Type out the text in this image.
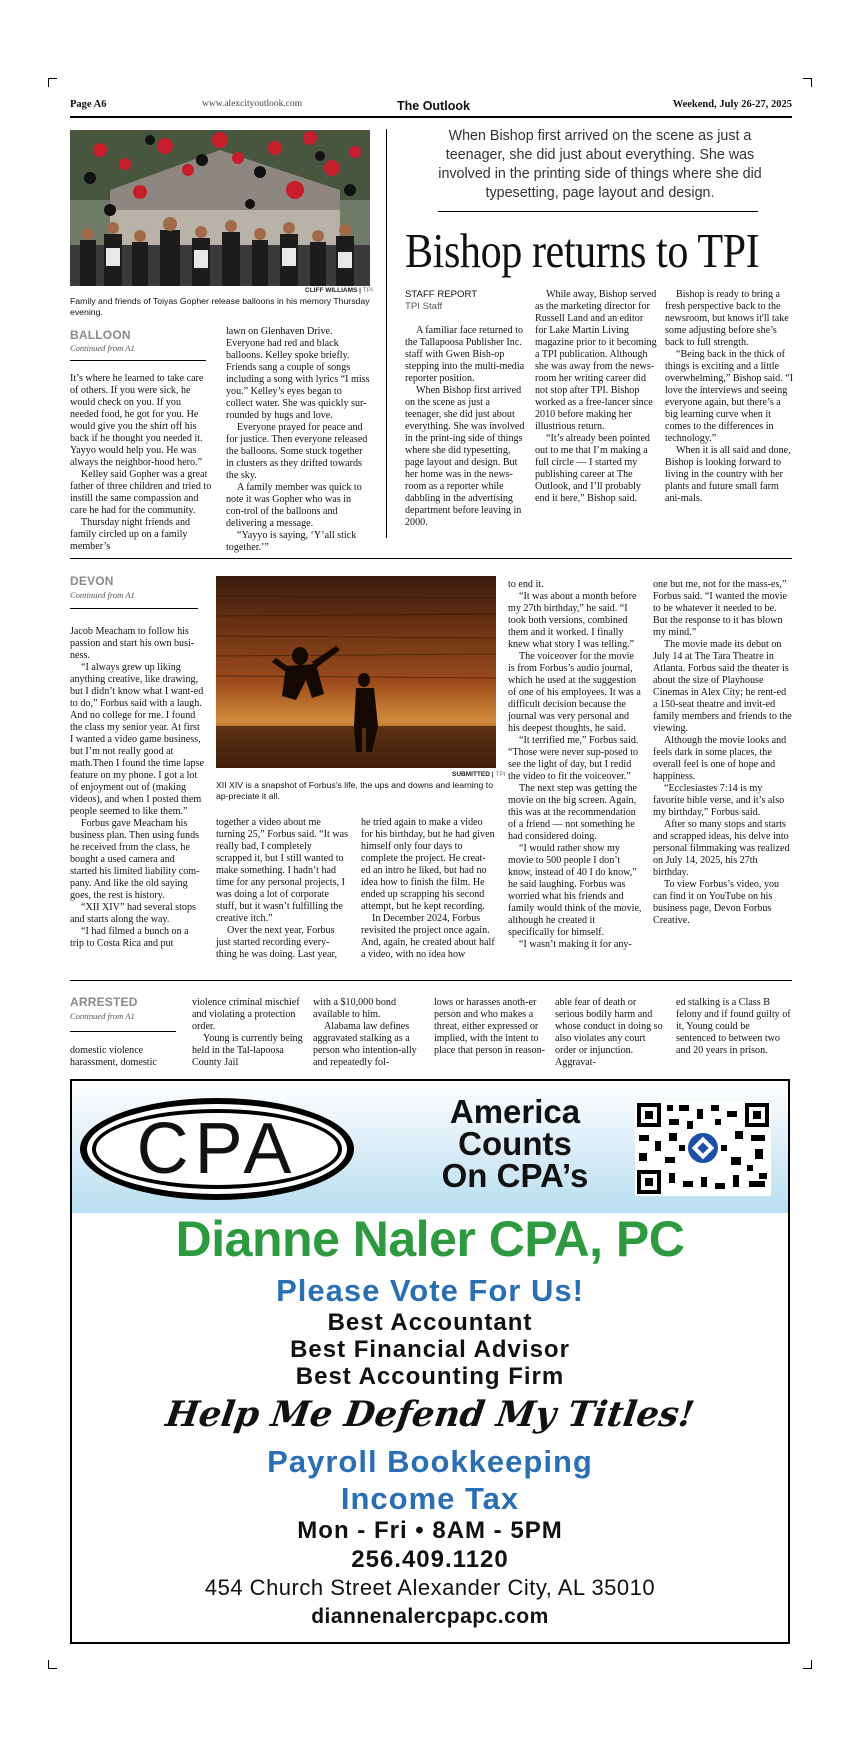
Page A6	www.alexcityoutlook.com	The Outlook	Weekend, July 26-27, 2025
CLIFF WILLIAMS | TPI
Family and friends of Toiyas Gopher release balloons in his memory Thursday evening.
BALLOON
Continued from A1

It’s where he learned to take care of others. If you were sick, he would check on you. If you needed food, he got for you. He would give you the shirt off his back if he thought you needed it. Yayyo would help you. He was always the neighbor-hood hero.”

Kelley said Gopher was a great father of three children and tried to instill the same compassion and care he had for the community.

Thursday night friends and family circled up on a family member’s

lawn on Glenhaven Drive. Everyone had red and black balloons. Kelley spoke briefly. Friends sang a couple of songs including a song with lyrics “I miss you.” Kelley’s eyes began to collect water. She was quickly sur-rounded by hugs and love.

Everyone prayed for peace and for justice. Then everyone released the balloons. Some stuck together in clusters as they drifted towards the sky.

A family member was quick to note it was Gopher who was in con-trol of the balloons and delivering a message.

“Yayyo is saying, ‘Y’all stick together.’”

When Bishop first arrived on the scene as just a teenager, she did just about everything. She was involved in the printing side of things where she did typesetting, page layout and design.
Bishop returns to TPI
STAFF REPORT
TPI Staff

A familiar face returned to the Tallapoosa Publisher Inc. staff with Gwen Bish-op stepping into the multi-media reporter position.

When Bishop first arrived on the scene as just a teenager, she did just about everything. She was involved in the print-ing side of things where she did typesetting, page layout and design. But her home was in the news-room as a reporter while dabbling in the advertising department before leaving in 2000.

While away, Bishop served as the marketing director for Russell Land and an editor for Lake Martin Living magazine prior to it becoming a TPI publication. Although she was away from the news-room her writing career did not stop after TPI. Bishop worked as a free-lancer since 2010 before making her illustrious return.

“It’s already been pointed out to me that I’m making a full circle — I started my publishing career at The Outlook, and I’ll probably end it here,” Bishop said.

Bishop is ready to bring a fresh perspective back to the newsroom, but knows it'll take some adjusting before she’s back to full strength.

“Being back in the thick of things is exciting and a little overwhelming,” Bishop said. “I love the interviews and seeing everyone again, but there’s a big learning curve when it comes to the differences in technology.”

When it is all said and done, Bishop is looking forward to living in the country with her plants and future small farm ani-mals.

DEVON
Continued from A1
SUBMITTED | TPI
XII XIV is a snapshot of Forbus’s life, the ups and downs and learning to ap-preciate it all.

Jacob Meacham to follow his passion and start his own busi-ness.

“I always grew up liking anything creative, like drawing, but I didn’t know what I want-ed to do,” Forbus said with a laugh. And no college for me. I found the class my senior year. At first I wanted a video game business, but I’m not really good at math.Then I found the time lapse feature on my phone. I got a lot of enjoyment out of (making videos), and when I posted them people seemed to like them.”

Forbus gave Meacham his business plan. Then using funds he received from the class, he bought a used camera and started his limited liability com-pany. And like the old saying goes, the rest is history.

“XII XIV” had several stops and starts along the way.

“I had filmed a bunch on a trip to Costa Rica and put

together a video about me turning 25,” Forbus said. “It was really bad, I completely scrapped it, but I still wanted to make something. I hadn’t had time for any personal projects, I was doing a lot of corporate stuff, but it wasn’t fulfilling the creative itch.”

Over the next year, Forbus just started recording every-thing he was doing. Last year,

he tried again to make a video for his birthday, but he had given himself only four days to complete the project. He creat-ed an intro he liked, but had no idea how to finish the film. He ended up scrapping his second attempt, but he kept recording.

In December 2024, Forbus revisited the project once again. And, again, he created about half a video, with no idea how

to end it.

“It was about a month before my 27th birthday,” he said. “I took both versions, combined them and it worked. I finally knew what story I was telling.”

The voiceover for the movie is from Forbus’s audio journal, which he used at the suggestion of one of his employees. It was a difficult decision because the journal was very personal and his deepest thoughts, he said.

“It terrified me,” Forbus said. “Those were never sup-posed to see the light of day, but I redid the video to fit the voiceover.”

The next step was getting the movie on the big screen. Again, this was at the recommendation of a friend — not something he had considered doing.

“I would rather show my movie to 500 people I don’t know, instead of 40 I do know,” he said laughing. Forbus was worried what his friends and family would think of the movie, although he created it specifically for himself.

“I wasn’t making it for any-

one but me, not for the mass-es,” Forbus said. “I wanted the movie to be whatever it needed to be. But the response to it has blown my mind.”

The movie made its debut on July 14 at The Tara Theatre in Atlanta. Forbus said the theater is about the size of Playhouse Cinemas in Alex City; he rent-ed a 150-seat theatre and invit-ed family members and friends to the viewing.

Although the movie looks and feels dark in some places, the overall feel is one of hope and happiness.

“Ecclesiastes 7:14 is my favorite bible verse, and it’s also my birthday,” Forbus said.

After so many stops and starts and scrapped ideas, his delve into personal filmmaking was realized on July 14, 2025, his 27th birthday.

To view Forbus’s video, you can find it on YouTube on his business page, Devon Forbus Creative.

ARRESTED
Continued from A1

domestic violence harassment, domestic

violence criminal mischief and violating a protection order.

Young is currently being held in the Tal-lapoosa County Jail

with a $10,000 bond available to him.

Alabama law defines aggravated stalking as a person who intention-ally and repeatedly fol-

lows or harasses anoth-er person and who makes a threat, either expressed or implied, with the intent to place that person in reason-

able fear of death or serious bodily harm and whose conduct in doing so also violates any court order or injunction. Aggravat-

ed stalking is a Class B felony and if found guilty of it, Young could be sentenced to between two and 20 years in prison.

CPA	America
Counts
On CPA’s
Dianne Naler CPA, PC
Please Vote For Us!
Best Accountant
Best Financial Advisor
Best Accounting Firm
Help Me Defend My Titles!
Payroll Bookkeeping
Income Tax
Mon - Fri • 8AM - 5PM
256.409.1120
454 Church Street Alexander City, AL 35010
diannenalercpapc.com
